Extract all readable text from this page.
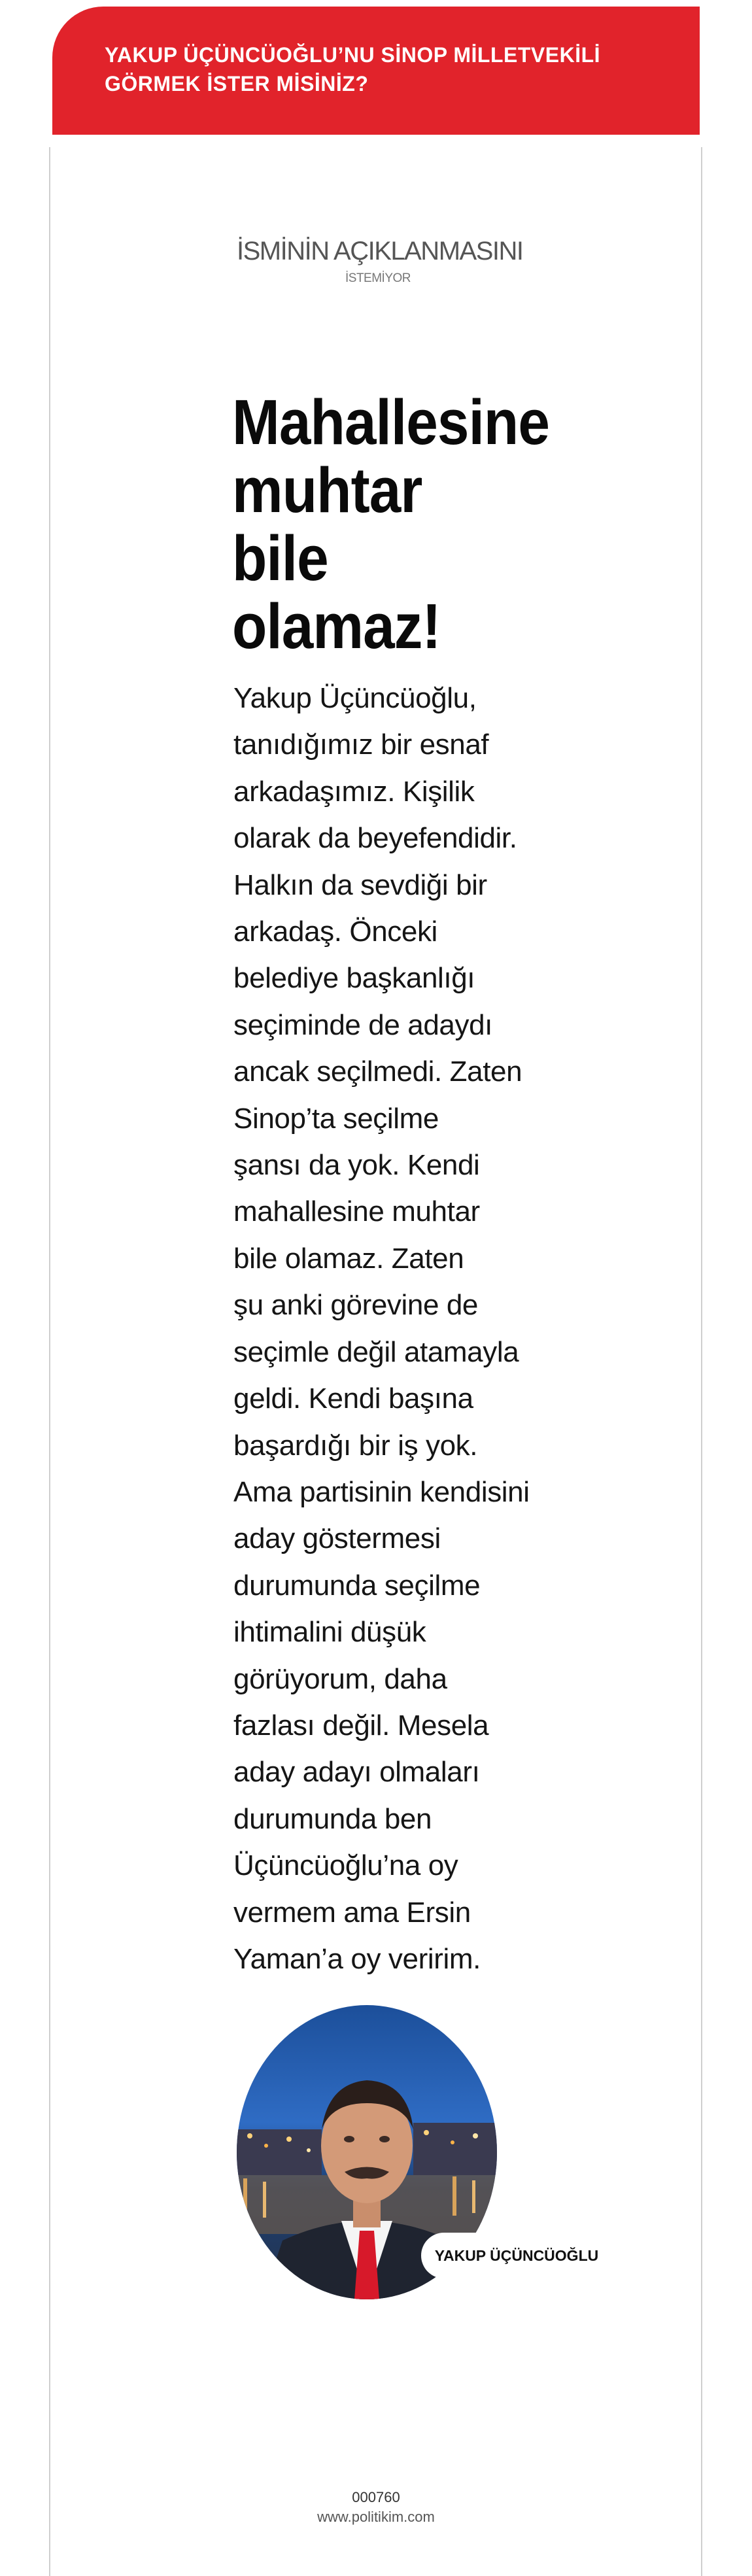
YAKUP ÜÇÜNCÜOĞLU’NU SİNOP MİLLETVEKİLİ
GÖRMEK İSTER MİSİNİZ?
İSMİNİN AÇIKLANMASINI
İSTEMİYOR
Mahallesine
muhtar
bile
olamaz!
Yakup Üçüncüoğlu,
tanıdığımız bir esnaf
arkadaşımız. Kişilik
olarak da beyefendidir.
Halkın da sevdiği bir
arkadaş. Önceki
belediye başkanlığı
seçiminde de adaydı
ancak seçilmedi. Zaten
Sinop’ta seçilme
şansı da yok. Kendi
mahallesine muhtar
bile olamaz. Zaten
şu anki görevine de
seçimle değil atamayla
geldi. Kendi başına
başardığı bir iş yok.
Ama partisinin kendisini
aday göstermesi
durumunda seçilme
ihtimalini düşük
görüyorum, daha
fazlası değil. Mesela
aday adayı olmaları
durumunda ben
Üçüncüoğlu’na oy
vermem ama Ersin
Yaman’a oy veririm.
YAKUP ÜÇÜNCÜOĞLU
000760
www.politikim.com
